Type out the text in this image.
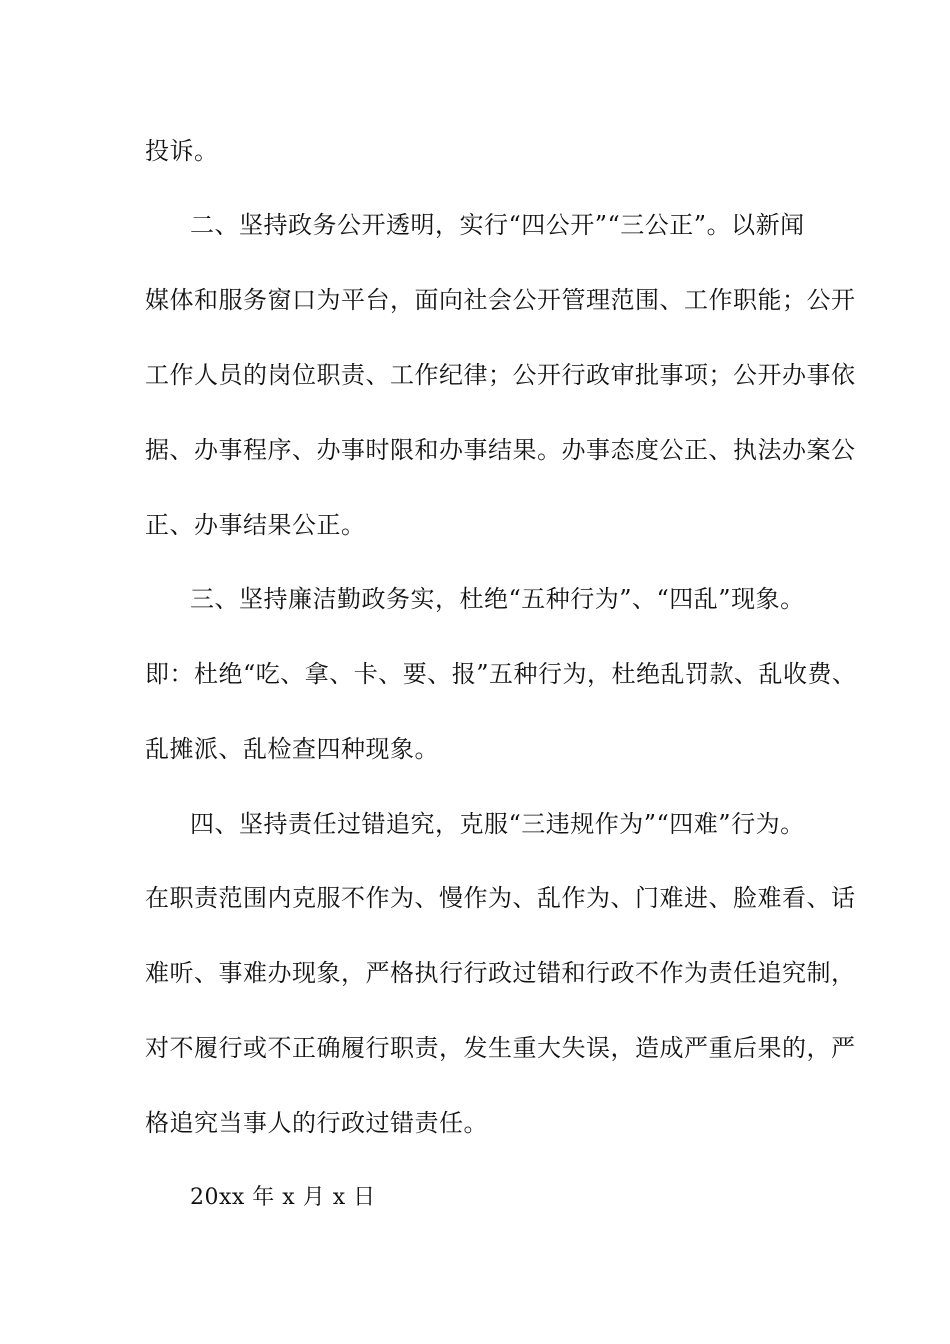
投诉。
二、坚持政务公开透明，实行“四公开”“三公正”。以新闻
媒体和服务窗口为平台，面向社会公开管理范围、工作职能；公开
工作人员的岗位职责、工作纪律；公开行政审批事项；公开办事依
据、办事程序、办事时限和办事结果。办事态度公正、执法办案公
正、办事结果公正。
三、坚持廉洁勤政务实，杜绝“五种行为”、“四乱”现象。
即：杜绝“吃、拿、卡、要、报”五种行为，杜绝乱罚款、乱收费、
乱摊派、乱检查四种现象。
四、坚持责任过错追究，克服“三违规作为”“四难”行为。
在职责范围内克服不作为、慢作为、乱作为、门难进、脸难看、话
难听、事难办现象，严格执行行政过错和行政不作为责任追究制，
对不履行或不正确履行职责，发生重大失误，造成严重后果的，严
格追究当事人的行政过错责任。
20xx 年 x 月 x 日
